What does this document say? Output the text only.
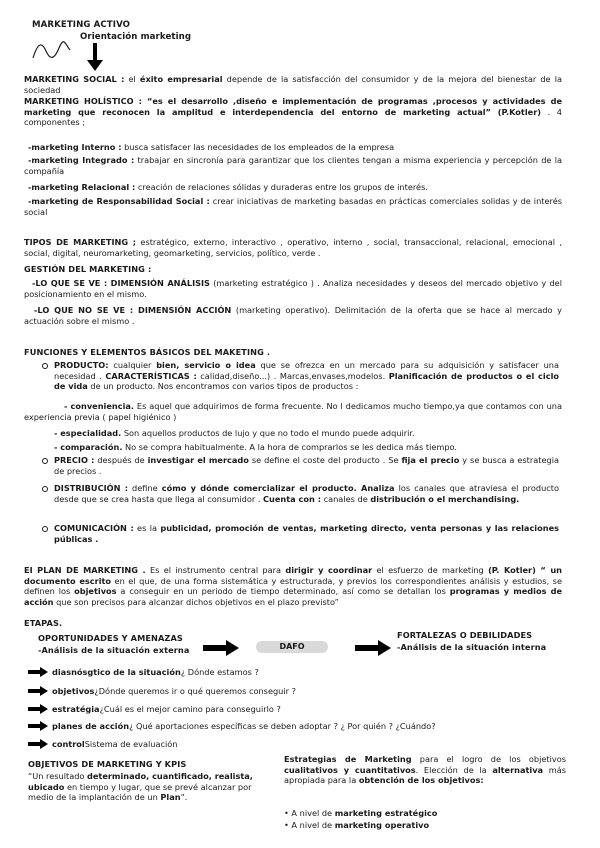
MARKETING ACTIVO
Orientación marketing
MARKETING SOCIAL : el éxito empresarial depende de la satisfacción del consumidor y de la mejora del bienestar de la sociedad
MARKETING HOLÍSTICO : “es el desarrollo ,diseño e implementación de programas ,procesos y actividades de marketing que reconocen la amplitud e interdependencia del entorno de marketing actual” (P.Kotler) . 4 componentes ;
-marketing Interno : busca satisfacer las necesidades de los empleados de la empresa
-marketing Integrado : trabajar en sincronía para garantizar que los clientes tengan a misma experiencia y percepción de la compañía
-marketing Relacional : creación de relaciones sólidas y duraderas entre los grupos de interés.
-marketing de Responsabilidad Social : crear iniciativas de marketing basadas en prácticas comerciales solidas y de interés social
TIPOS DE MARKETING ; estratégico, externo, interactivo , operativo, interno , social, transaccional, relacional, emocional , social, digital, neuromarketing, geomarketing, servicios, político, verde .
GESTIÓN DEL MARKETING :
-LO QUE SE VE : DIMENSIÓN ANÁLISIS (marketing estratégico ) . Analiza necesidades y deseos del mercado objetivo y del posicionamiento en el mismo.
-LO QUE NO SE VE : DIMENSIÓN ACCIÓN (marketing operativo). Delimitación de la oferta que se hace al mercado y actuación sobre el mismo .
FUNCIONES Y ELEMENTOS BÁSICOS DEL MAKETING .
PRODUCTO: cualquier bien, servicio o idea que se ofrezca en un mercado para su adquisición y satisfacer una necesidad . CARACTERÍSTICAS : calidad,diseño...) . Marcas,envases,modelos. Planificación de productos o el ciclo de vida de un producto. Nos encontramos con varios tipos de productos :
- conveniencia. Es aquel que adquirimos de forma frecuente. No l dedicamos mucho tiempo,ya que contamos con una experiencia previa ( papel higiénico )
- especialidad. Son aquellos productos de lujo y que no todo el mundo puede adquirir.
- comparación. No se compra habitualmente. A la hora de comprarlos se les dedica más tiempo.
PRECIO : después de investigar el mercado se define el coste del producto . Se fija el precio y se busca a estrategia de precios .
DISTRIBUCIÓN : define cómo y dónde comercializar el producto. Analiza los canales que atraviesa el producto desde que se crea hasta que llega al consumidor . Cuenta con : canales de distribución o el merchandising.
COMUNICACIÓN : es la publicidad, promoción de ventas, marketing directo, venta personas y las relaciones públicas .
EI PLAN DE MARKETING . Es el instrumento central para dirigir y coordinar el esfuerzo de marketing (P. Kotler) “ un documento escrito en el que, de una forma sistemática y estructurada, y previos los correspondientes análisis y estudios, se definen los objetivos a conseguir en un periodo de tiempo determinado, así como se detallan los programas y medios de acción que son precisos para alcanzar dichos objetivos en el plazo previsto”
ETAPAS.
OPORTUNIDADES Y AMENAZAS
-Análisis de la situación externa	DAFO
FORTALEZAS O DEBILIDADES
-Análisis de la situación interna
diasnósgtico de la situación ¿ Dónde estamos ?
objetivos ¿Dónde queremos ir o qué queremos conseguir ?
estratégia ¿Cuál es el mejor camino para conseguirlo ?
planes de acción ¿ Qué aportaciones específicas se deben adoptar ? ¿ Por quién ? ¿Cuándo?
control Sistema de evaluación
OBJETIVOS DE MARKETING Y KPIS
“Un resultado determinado, cuantificado, realista, ubicado en tiempo y lugar, que se prevé alcanzar por medio de la implantación de un Plan”.
Estrategias de Marketing para el logro de los objetivos cualitativos y cuantitativos. Elección de la alternativa más apropiada para la obtención de los objetivos:
• A nivel de marketing estratégico
• A nivel de marketing operativo
